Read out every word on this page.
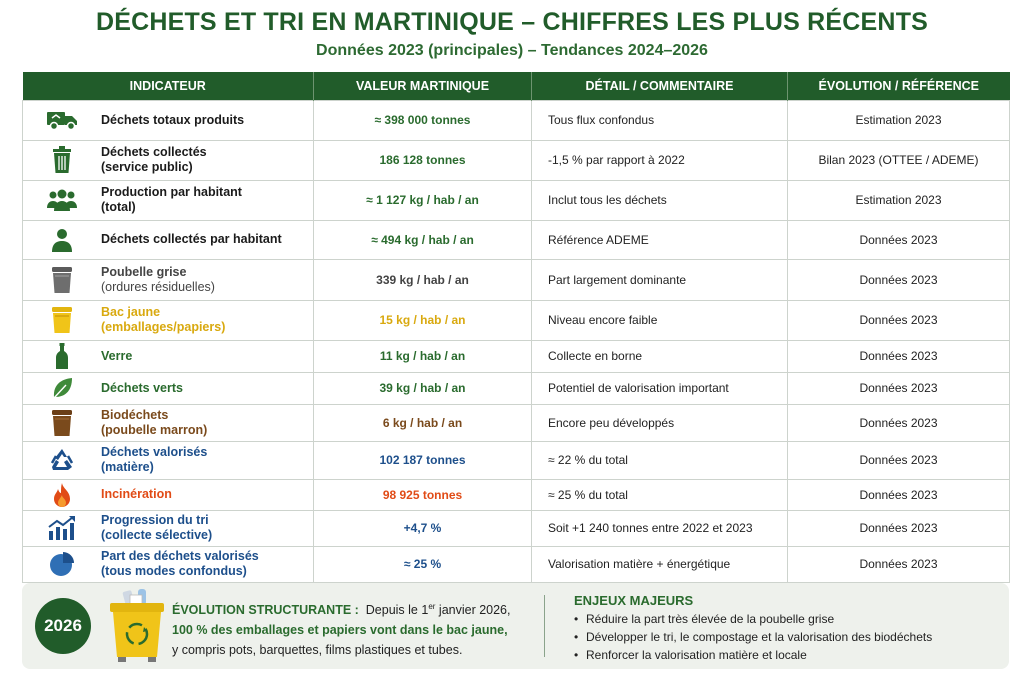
DÉCHETS ET TRI EN MARTINIQUE – CHIFFRES LES PLUS RÉCENTS
Données 2023 (principales) – Tendances 2024–2026
INDICATEUR	VALEUR MARTINIQUE	DÉTAIL / COMMENTAIRE	ÉVOLUTION / RÉFÉRENCE

Déchets totaux produits	≈ 398 000 tonnes	Tous flux confondus	Estimation 2023

Déchets collectés
(service public)	186 128 tonnes	-1,5 % par rapport à 2022	Bilan 2023 (OTTEE / ADEME)

Production par habitant
(total)	≈ 1 127 kg / hab / an	Inclut tous les déchets	Estimation 2023

Déchets collectés par habitant	≈ 494 kg / hab / an	Référence ADEME	Données 2023

Poubelle grise
(ordures résiduelles)	339 kg / hab / an	Part largement dominante	Données 2023

Bac jaune
(emballages/papiers)	15 kg / hab / an	Niveau encore faible	Données 2023

Verre	11 kg / hab / an	Collecte en borne	Données 2023

Déchets verts	39 kg / hab / an	Potentiel de valorisation important	Données 2023

Biodéchets
(poubelle marron)	6 kg / hab / an	Encore peu développés	Données 2023

Déchets valorisés
(matière)	102 187 tonnes	≈ 22 % du total	Données 2023

Incinération	98 925 tonnes	≈ 25 % du total	Données 2023

Progression du tri
(collecte sélective)	+4,7 %	Soit +1 240 tonnes entre 2022 et 2023	Données 2023

Part des déchets valorisés
(tous modes confondus)	≈ 25 %	Valorisation matière + énergétique	Données 2023
2026
ÉVOLUTION STRUCTURANTE : Depuis le 1er janvier 2026,
100 % des emballages et papiers vont dans le bac jaune,
y compris pots, barquettes, films plastiques et tubes.
ENJEUX MAJEURS
• Réduire la part très élevée de la poubelle grise
• Développer le tri, le compostage et la valorisation des biodéchets
• Renforcer la valorisation matière et locale
